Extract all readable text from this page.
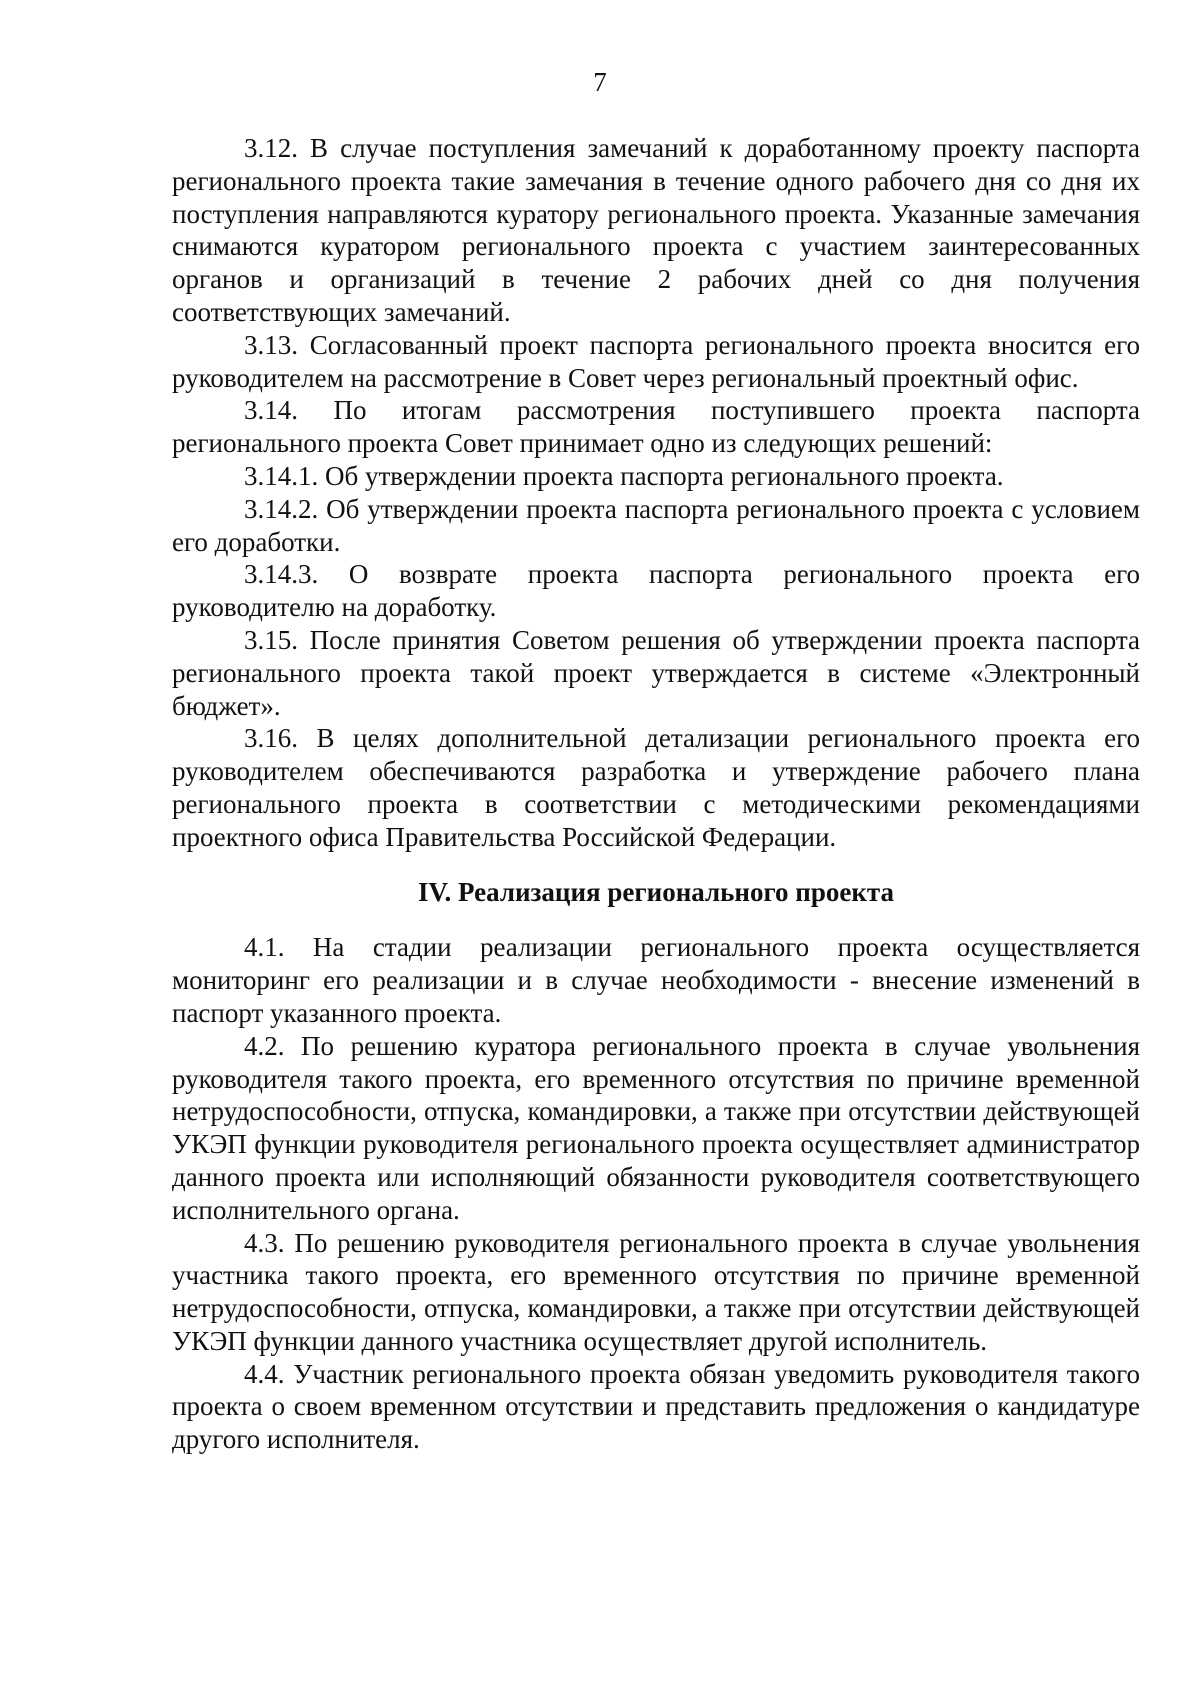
7

3.12. В случае поступления замечаний к доработанному проекту паспорта регионального проекта такие замечания в течение одного рабочего дня со дня их поступления направляются куратору регионального проекта. Указанные замечания снимаются куратором регионального проекта с участием заинтересованных органов и организаций в течение 2 рабочих дней со дня получения соответствующих замечаний.

3.13. Согласованный проект паспорта регионального проекта вносится его руководителем на рассмотрение в Совет через региональный проектный офис.

3.14. По итогам рассмотрения поступившего проекта паспорта регионального проекта Совет принимает одно из следующих решений:

3.14.1. Об утверждении проекта паспорта регионального проекта.

3.14.2. Об утверждении проекта паспорта регионального проекта с условием его доработки.

3.14.3. О возврате проекта паспорта регионального проекта его руководителю на доработку.

3.15. После принятия Советом решения об утверждении проекта паспорта регионального проекта такой проект утверждается в системе «Электронный бюджет».

3.16. В целях дополнительной детализации регионального проекта его руководителем обеспечиваются разработка и утверждение рабочего плана регионального проекта в соответствии с методическими рекомендациями проектного офиса Правительства Российской Федерации.

IV. Реализация регионального проекта

4.1. На стадии реализации регионального проекта осуществляется мониторинг его реализации и в случае необходимости - внесение изменений в паспорт указанного проекта.

4.2. По решению куратора регионального проекта в случае увольнения руководителя такого проекта, его временного отсутствия по причине временной нетрудоспособности, отпуска, командировки, а также при отсутствии действующей УКЭП функции руководителя регионального проекта осуществляет администратор данного проекта или исполняющий обязанности руководителя соответствующего исполнительного органа.

4.3. По решению руководителя регионального проекта в случае увольнения участника такого проекта, его временного отсутствия по причине временной нетрудоспособности, отпуска, командировки, а также при отсутствии действующей УКЭП функции данного участника осуществляет другой исполнитель.

4.4. Участник регионального проекта обязан уведомить руководителя такого проекта о своем временном отсутствии и представить предложения о кандидатуре другого исполнителя.
